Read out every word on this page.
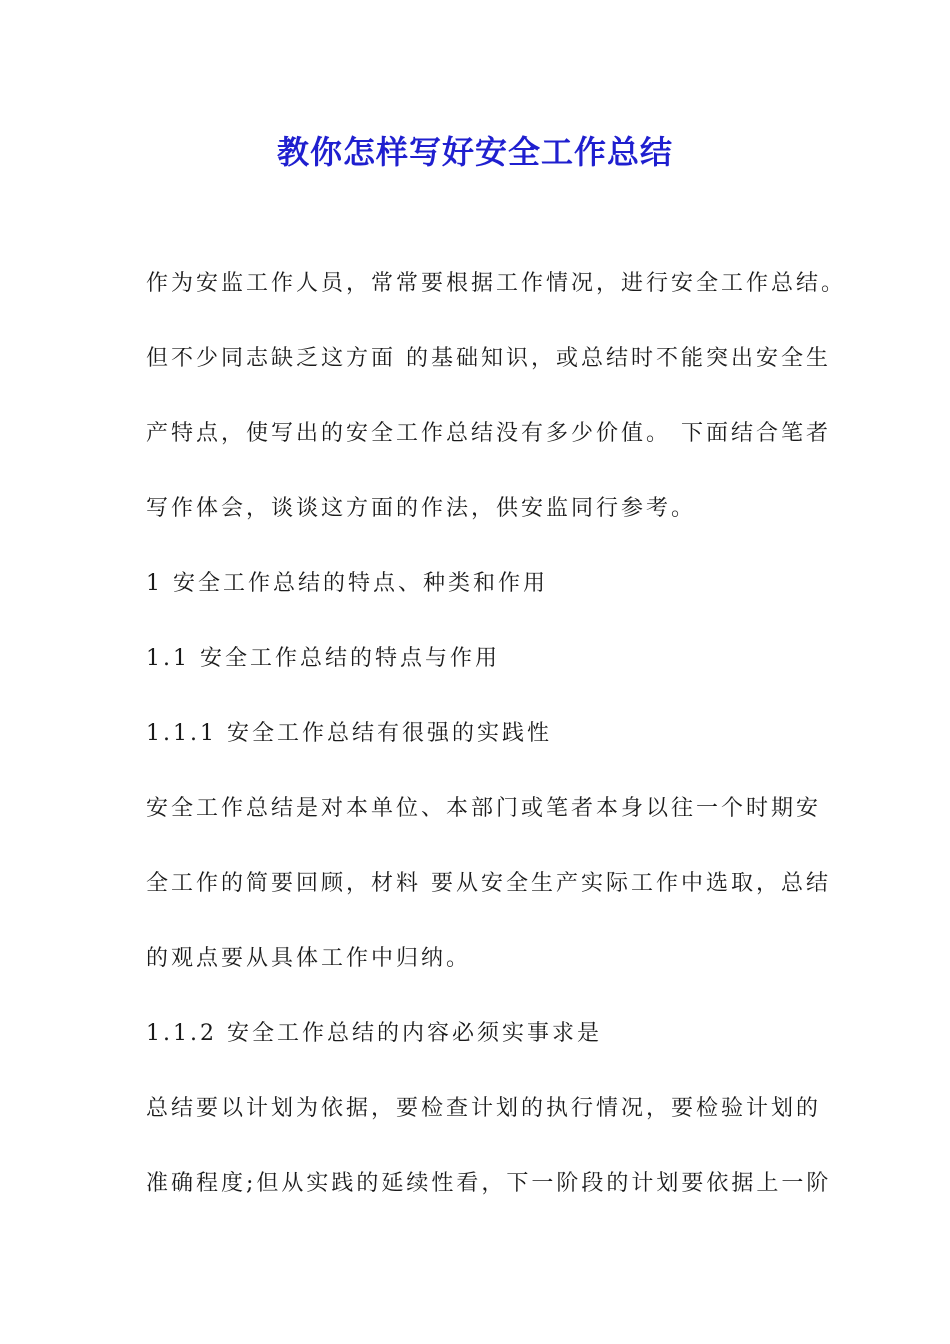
教你怎样写好安全工作总结

作为安监工作人员，常常要根据工作情况，进行安全工作总结。

但不少同志缺乏这方面 的基础知识，或总结时不能突出安全生

产特点，使写出的安全工作总结没有多少价值。 下面结合笔者

写作体会，谈谈这方面的作法，供安监同行参考。

1 安全工作总结的特点、种类和作用

1.1 安全工作总结的特点与作用

1.1.1 安全工作总结有很强的实践性

安全工作总结是对本单位、本部门或笔者本身以往一个时期安

全工作的简要回顾，材料 要从安全生产实际工作中选取，总结

的观点要从具体工作中归纳。

1.1.2 安全工作总结的内容必须实事求是

总结要以计划为依据，要检查计划的执行情况，要检验计划的

准确程度;但从实践的延续性看，下一阶段的计划要依据上一阶
